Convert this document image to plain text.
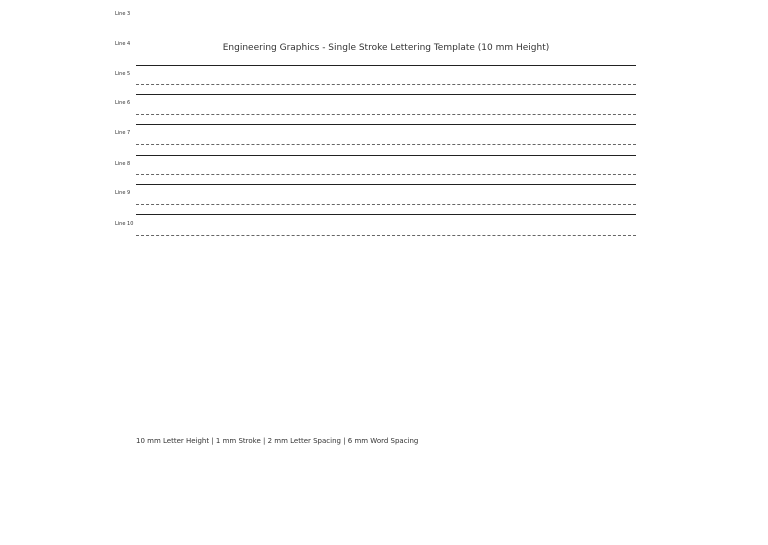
Line 3
Line 4
Line 5
Line 6
Line 7
Line 8
Line 9
Line 10
Engineering Graphics - Single Stroke Lettering Template (10 mm Height)
10 mm Letter Height | 1 mm Stroke | 2 mm Letter Spacing | 6 mm Word Spacing
